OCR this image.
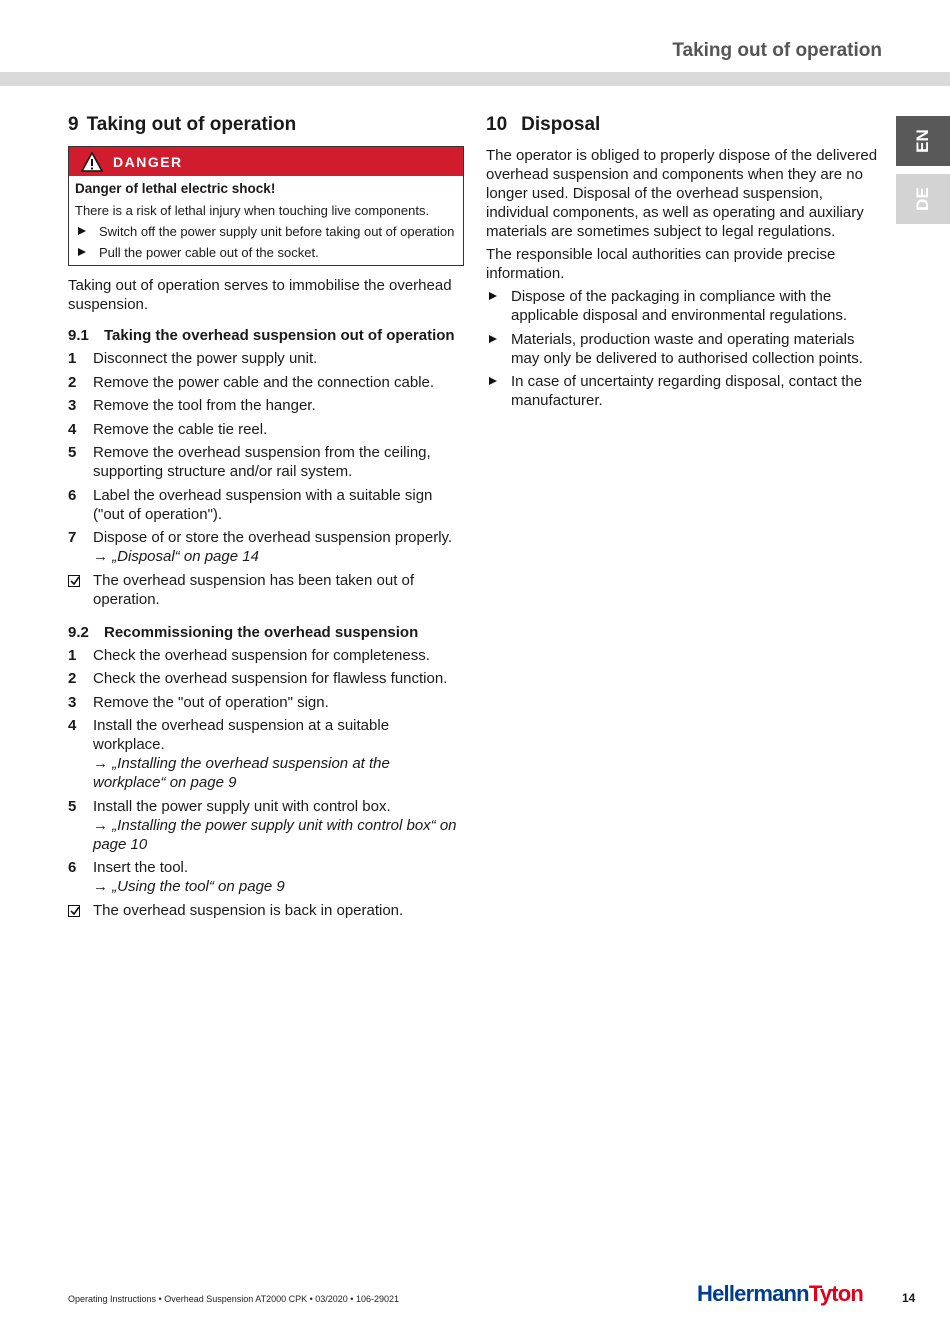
Taking out of operation
EN
DE
9 Taking out of operation
DANGER
Danger of lethal electric shock!
There is a risk of lethal injury when touching live components.
Switch off the power supply unit before taking out of operation
Pull the power cable out of the socket.

Taking out of operation serves to immobilise the overhead suspension.

9.1	Taking the overhead suspension out of operation
1 Disconnect the power supply unit.
2 Remove the power cable and the connection cable.
3 Remove the tool from the hanger.
4 Remove the cable tie reel.
5 Remove the overhead suspension from the ceiling, supporting structure and/or rail system.
6 Label the overhead suspension with a suitable sign ("out of operation").
7 Dispose of or store the overhead suspension properly.
→ „Disposal“ on page 14
The overhead suspension has been taken out of operation.
9.2	Recommissioning the overhead suspension
1 Check the overhead suspension for completeness.
2 Check the overhead suspension for flawless function.
3 Remove the "out of operation" sign.
4 Install the overhead suspension at a suitable workplace.
→ „Installing the overhead suspension at the workplace“ on page 9
5 Install the power supply unit with control box.
→ „Installing the power supply unit with control box“ on page 10
6 Insert the tool.
→ „Using the tool“ on page 9
The overhead suspension is back in operation.
10 Disposal

The operator is obliged to properly dispose of the delivered overhead suspension and components when they are no longer used. Disposal of the overhead suspension, individual components, as well as operating and auxiliary materials are sometimes subject to legal regulations.

The responsible local authorities can provide precise information.

Dispose of the packaging in compliance with the applicable disposal and environmental regulations.
Materials, production waste and operating materials may only be delivered to authorised collection points.
In case of uncertainty regarding disposal, contact the manufacturer.
Operating Instructions • Overhead Suspension AT2000 CPK • 03/2020 • 106-29021	HellermannTyton	14
